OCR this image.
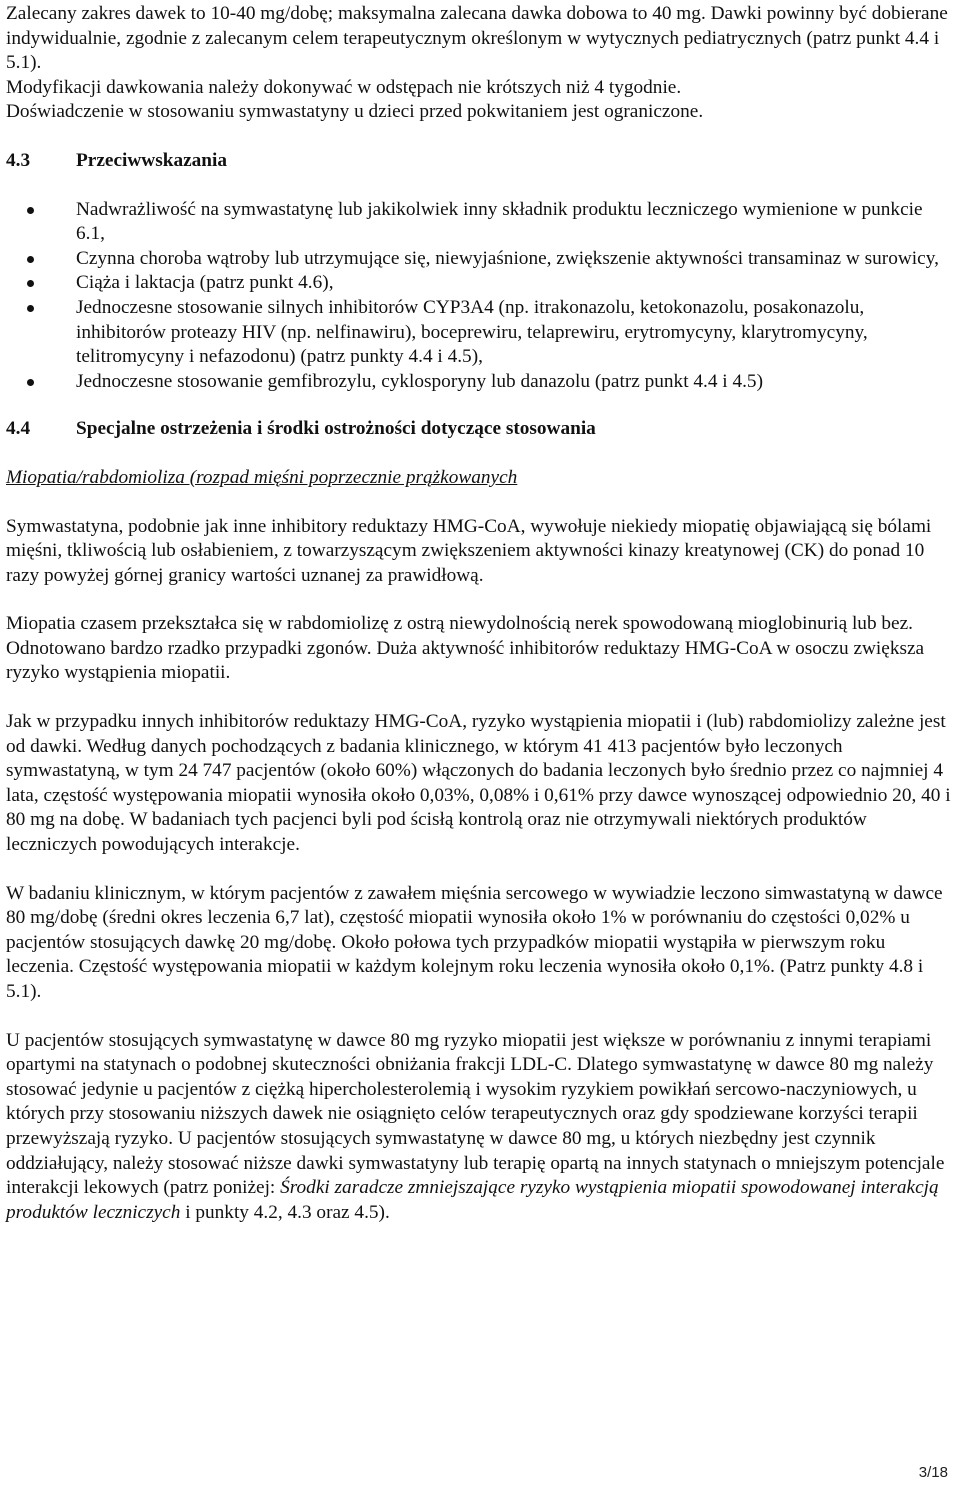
Zalecany zakres dawek to 10-40 mg/dobę; maksymalna zalecana dawka dobowa to 40 mg. Dawki powinny być dobierane indywidualnie, zgodnie z zalecanym celem terapeutycznym określonym w wytycznych pediatrycznych (patrz punkt 4.4 i 5.1).

Modyfikacji dawkowania należy dokonywać w odstępach nie krótszych niż 4 tygodnie.

Doświadczenie w stosowaniu symwastatyny u dzieci przed pokwitaniem jest ograniczone.

4.3	Przeciwwskazania
Nadwrażliwość na symwastatynę lub jakikolwiek inny składnik produktu leczniczego wymienione w punkcie 6.1,
Czynna choroba wątroby lub utrzymujące się, niewyjaśnione, zwiększenie aktywności transaminaz w surowicy,
Ciąża i laktacja (patrz punkt 4.6),
Jednoczesne stosowanie silnych inhibitorów CYP3A4 (np. itrakonazolu, ketokonazolu, posakonazolu, inhibitorów proteazy HIV (np. nelfinawiru), boceprewiru, telaprewiru, erytromycyny, klarytromycyny, telitromycyny i nefazodonu) (patrz punkty 4.4 i 4.5),
Jednoczesne stosowanie gemfibrozylu, cyklosporyny lub danazolu (patrz punkt 4.4 i 4.5)
4.4	Specjalne ostrzeżenia i środki ostrożności dotyczące stosowania

Miopatia/rabdomioliza (rozpad mięśni poprzecznie prążkowanych

Symwastatyna, podobnie jak inne inhibitory reduktazy HMG-CoA, wywołuje niekiedy miopatię objawiającą się bólami mięśni, tkliwością lub osłabieniem, z towarzyszącym zwiększeniem aktywności kinazy kreatynowej (CK) do ponad 10 razy powyżej górnej granicy wartości uznanej za prawidłową.

Miopatia czasem przekształca się w rabdomiolizę z ostrą niewydolnością nerek spowodowaną mioglobinurią lub bez. Odnotowano bardzo rzadko przypadki zgonów. Duża aktywność inhibitorów reduktazy HMG-CoA w osoczu zwiększa ryzyko wystąpienia miopatii.

Jak w przypadku innych inhibitorów reduktazy HMG-CoA, ryzyko wystąpienia miopatii i (lub) rabdomiolizy zależne jest od dawki. Według danych pochodzących z badania klinicznego, w którym 41 413 pacjentów było leczonych symwastatyną, w tym 24 747 pacjentów (około 60%) włączonych do badania leczonych było średnio przez co najmniej 4 lata, częstość występowania miopatii wynosiła około 0,03%, 0,08% i 0,61% przy dawce wynoszącej odpowiednio 20, 40 i 80 mg na dobę. W badaniach tych pacjenci byli pod ścisłą kontrolą oraz nie otrzymywali niektórych produktów leczniczych powodujących interakcje.

W badaniu klinicznym, w którym pacjentów z zawałem mięśnia sercowego w wywiadzie leczono simwastatyną w dawce 80 mg/dobę (średni okres leczenia 6,7 lat), częstość miopatii wynosiła około 1% w porównaniu do częstości 0,02% u pacjentów stosujących dawkę 20 mg/dobę. Około połowa tych przypadków miopatii wystąpiła w pierwszym roku leczenia. Częstość występowania miopatii w każdym kolejnym roku leczenia wynosiła około 0,1%. (Patrz punkty 4.8 i 5.1).

U pacjentów stosujących symwastatynę w dawce 80 mg ryzyko miopatii jest większe w porównaniu z innymi terapiami opartymi na statynach o podobnej skuteczności obniżania frakcji LDL-C. Dlatego symwastatynę w dawce 80 mg należy stosować jedynie u pacjentów z ciężką hipercholesterolemią i wysokim ryzykiem powikłań sercowo-naczyniowych, u których przy stosowaniu niższych dawek nie osiągnięto celów terapeutycznych oraz gdy spodziewane korzyści terapii przewyższają ryzyko. U pacjentów stosujących symwastatynę w dawce 80 mg, u których niezbędny jest czynnik oddziałujący, należy stosować niższe dawki symwastatyny lub terapię opartą na innych statynach o mniejszym potencjale interakcji lekowych (patrz poniżej: Środki zaradcze zmniejszające ryzyko wystąpienia miopatii spowodowanej interakcją produktów leczniczych i punkty 4.2, 4.3 oraz 4.5).

3/18
